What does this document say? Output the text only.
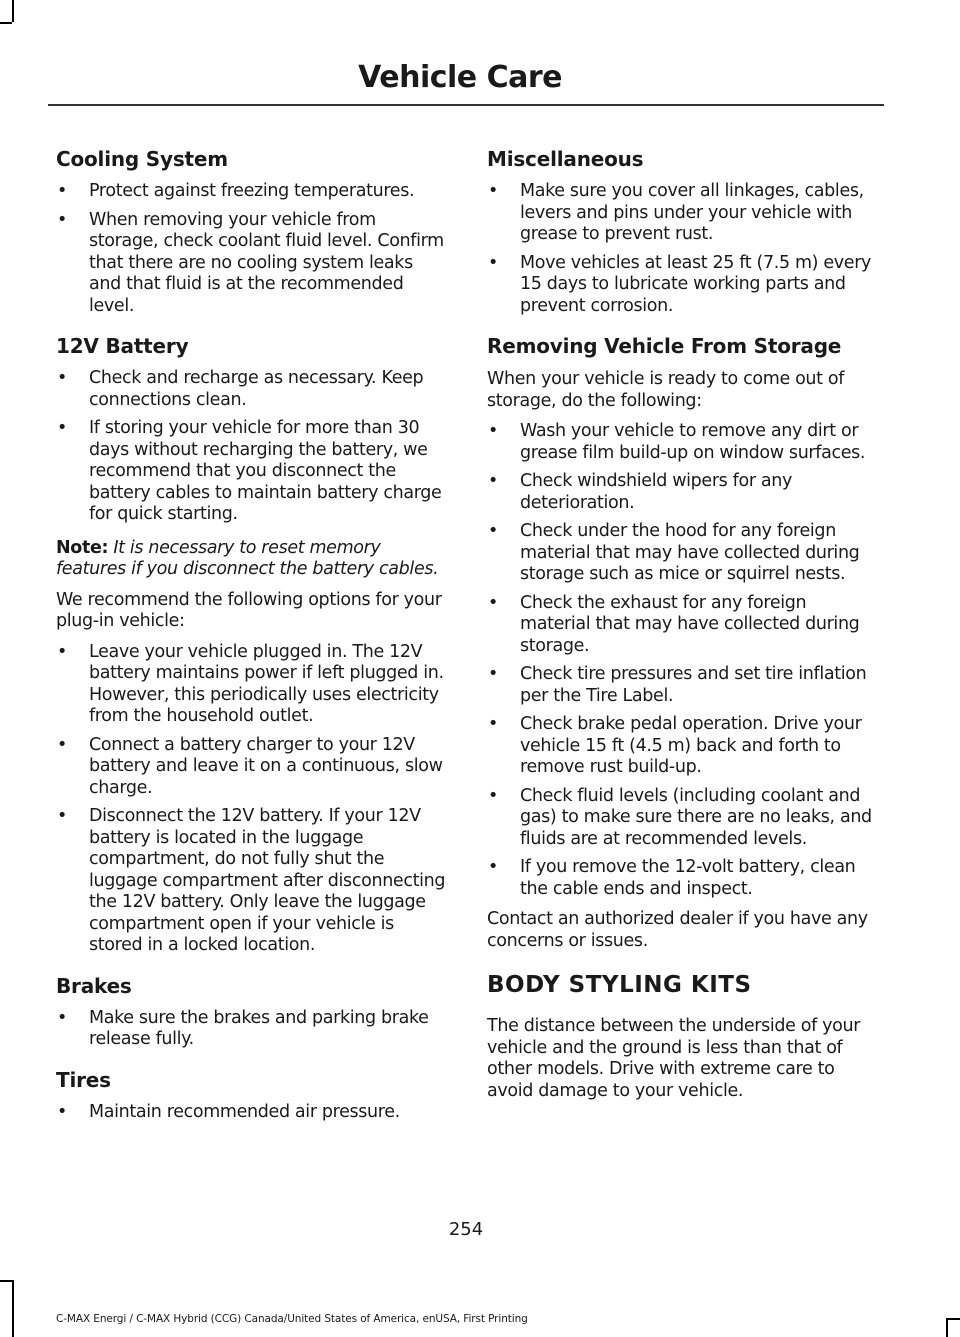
Vehicle Care
Cooling System
• Protect against freezing temperatures.
• When removing your vehicle from storage, check coolant fluid level. Confirm that there are no cooling system leaks and that fluid is at the recommended level.
12V Battery
• Check and recharge as necessary. Keep connections clean.
• If storing your vehicle for more than 30 days without recharging the battery, we recommend that you disconnect the battery cables to maintain battery charge for quick starting.

Note: It is necessary to reset memory features if you disconnect the battery cables.

We recommend the following options for your plug-in vehicle:

• Leave your vehicle plugged in. The 12V battery maintains power if left plugged in. However, this periodically uses electricity from the household outlet.
• Connect a battery charger to your 12V battery and leave it on a continuous, slow charge.
• Disconnect the 12V battery. If your 12V battery is located in the luggage compartment, do not fully shut the luggage compartment after disconnecting the 12V battery. Only leave the luggage compartment open if your vehicle is stored in a locked location.
Brakes
• Make sure the brakes and parking brake release fully.
Tires
• Maintain recommended air pressure.
Miscellaneous
• Make sure you cover all linkages, cables, levers and pins under your vehicle with grease to prevent rust.
• Move vehicles at least 25 ft (7.5 m) every 15 days to lubricate working parts and prevent corrosion.
Removing Vehicle From Storage

When your vehicle is ready to come out of storage, do the following:

• Wash your vehicle to remove any dirt or grease film build-up on window surfaces.
• Check windshield wipers for any deterioration.
• Check under the hood for any foreign material that may have collected during storage such as mice or squirrel nests.
• Check the exhaust for any foreign material that may have collected during storage.
• Check tire pressures and set tire inflation per the Tire Label.
• Check brake pedal operation. Drive your vehicle 15 ft (4.5 m) back and forth to remove rust build-up.
• Check fluid levels (including coolant and gas) to make sure there are no leaks, and fluids are at recommended levels.
• If you remove the 12-volt battery, clean the cable ends and inspect.

Contact an authorized dealer if you have any concerns or issues.

BODY STYLING KITS

The distance between the underside of your vehicle and the ground is less than that of other models. Drive with extreme care to avoid damage to your vehicle.

254
C-MAX Energi / C-MAX Hybrid (CCG) Canada/United States of America, enUSA, First Printing
